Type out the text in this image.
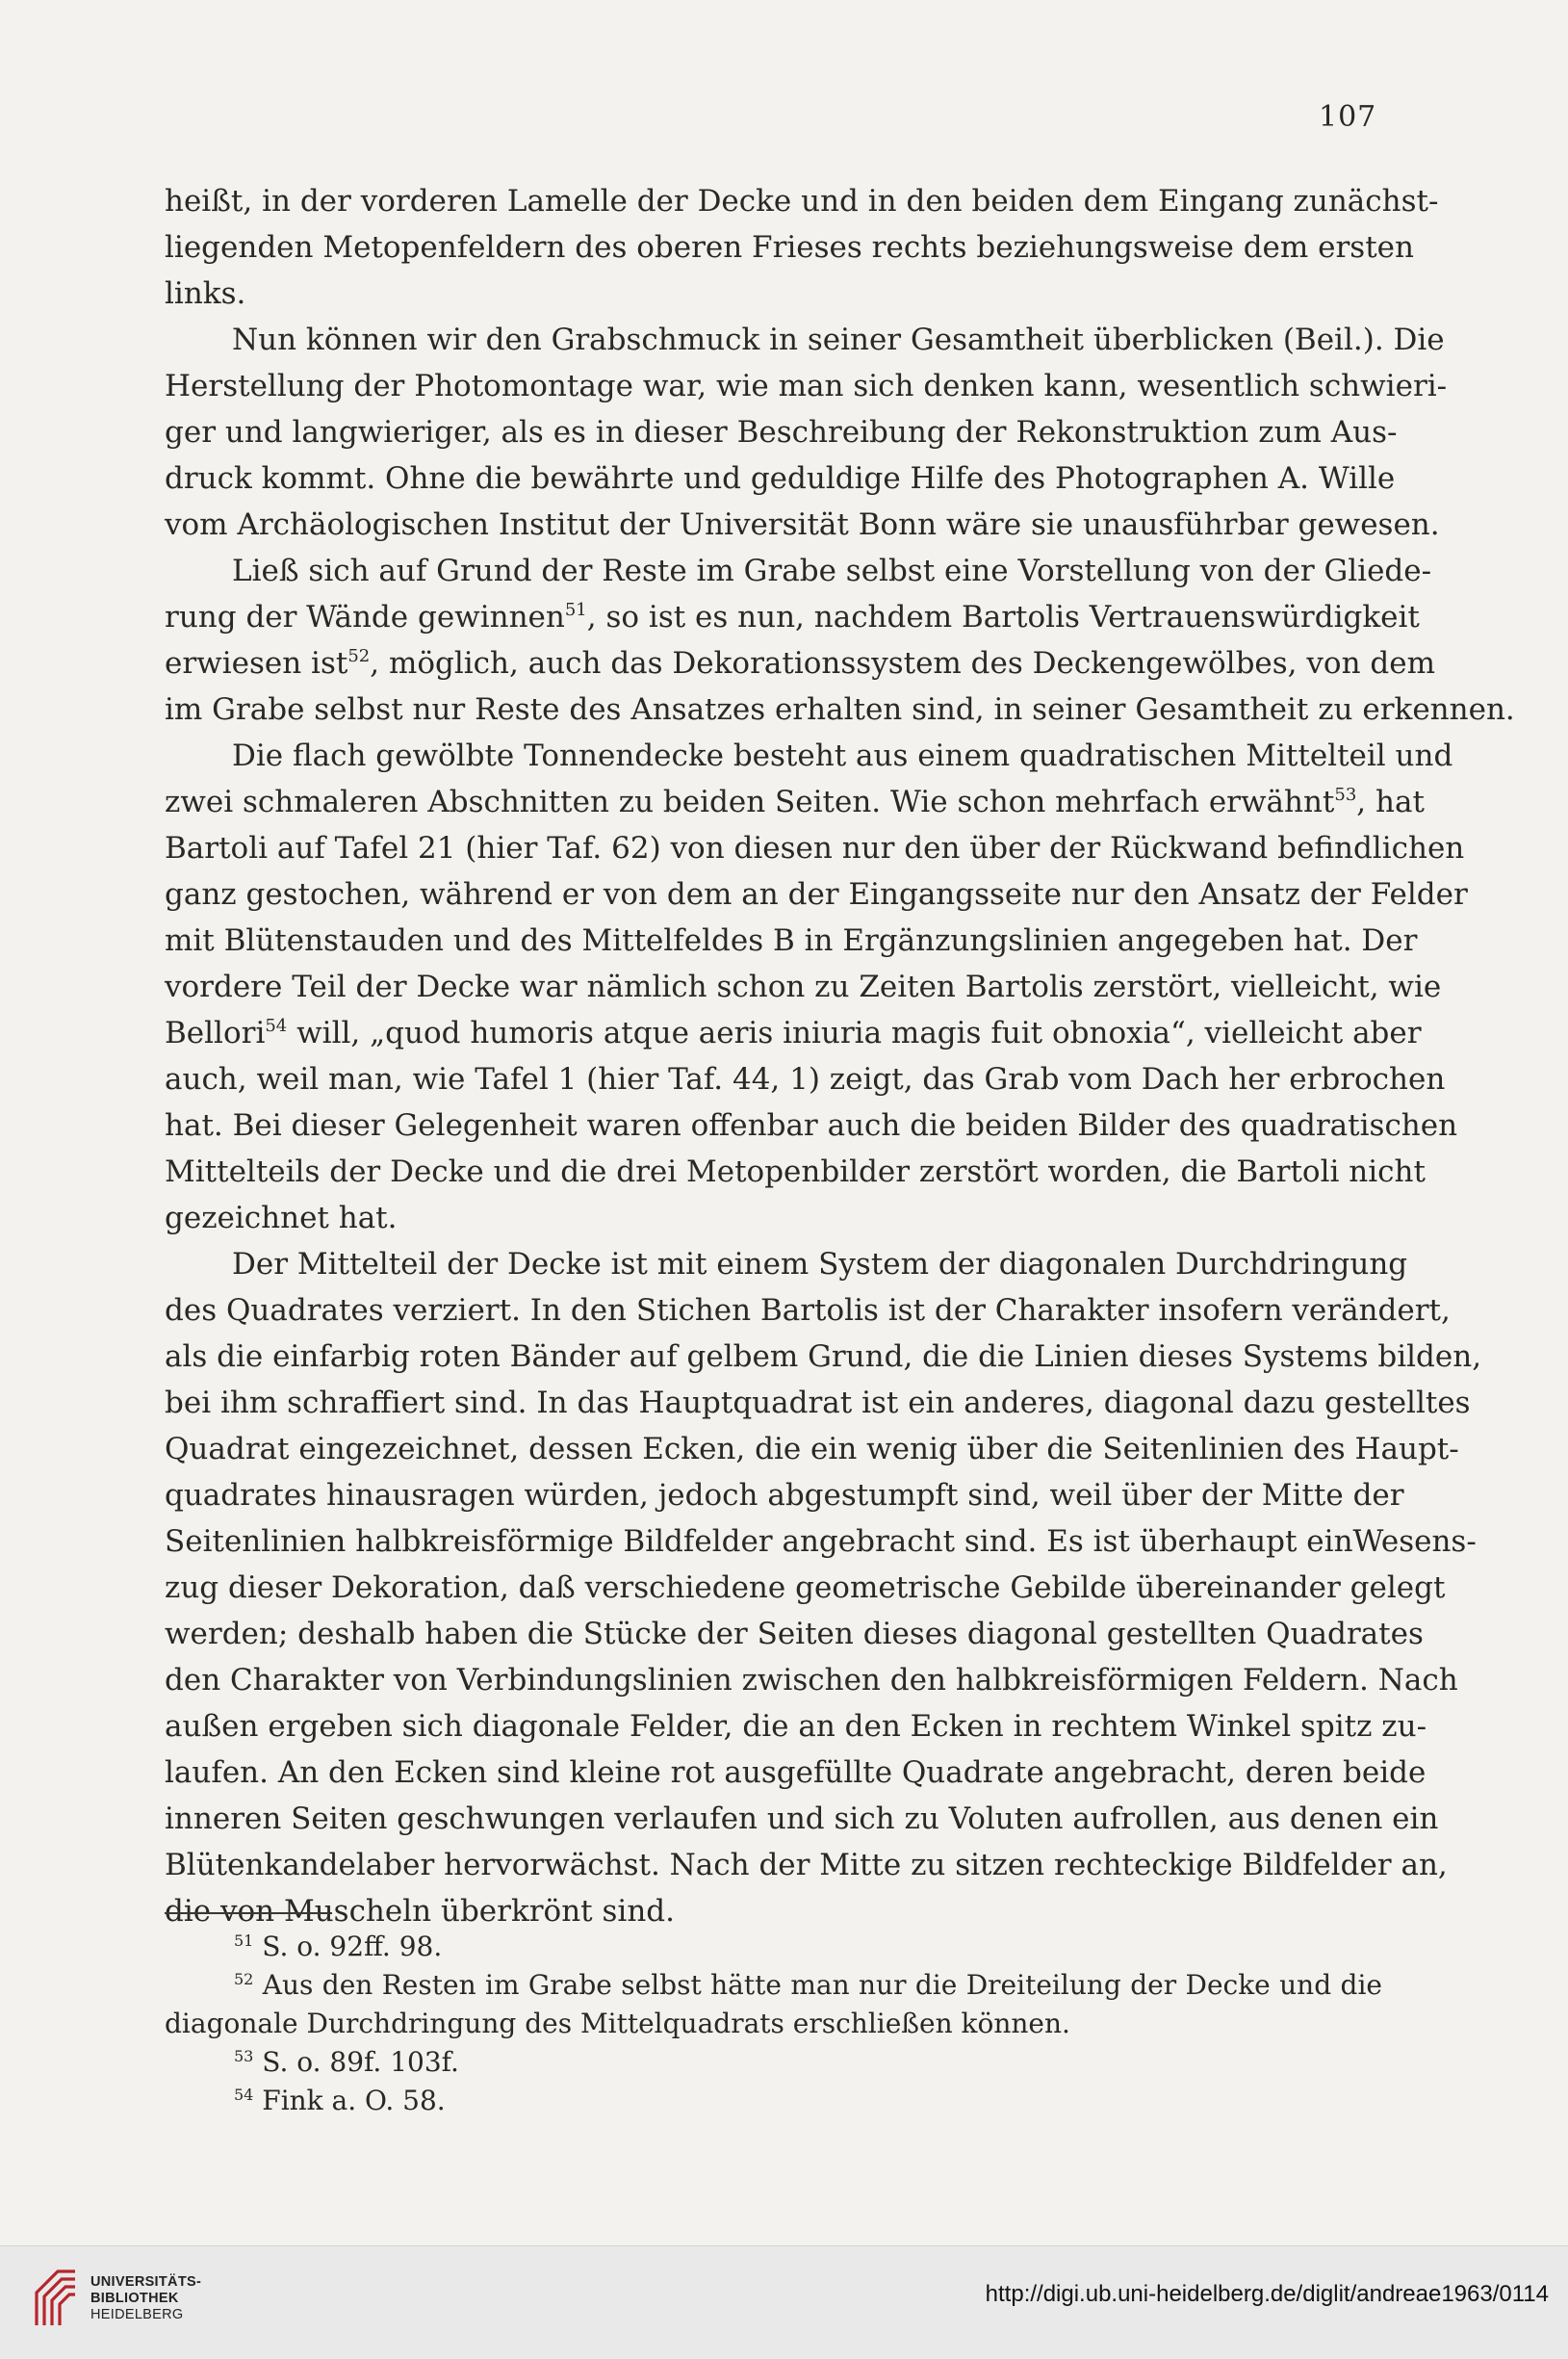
107
heißt, in der vorderen Lamelle der Decke und in den beiden dem Eingang zunächst-
liegenden Metopenfeldern des oberen Frieses rechts beziehungsweise dem ersten
links.
Nun können wir den Grabschmuck in seiner Gesamtheit überblicken (Beil.). Die
Herstellung der Photomontage war, wie man sich denken kann, wesentlich schwieri-
ger und langwieriger, als es in dieser Beschreibung der Rekonstruktion zum Aus-
druck kommt. Ohne die bewährte und geduldige Hilfe des Photographen A. Wille
vom Archäologischen Institut der Universität Bonn wäre sie unausführbar gewesen.
Ließ sich auf Grund der Reste im Grabe selbst eine Vorstellung von der Gliede-
rung der Wände gewinnen$^{51}$, so ist es nun, nachdem Bartolis Vertrauenswürdigkeit
erwiesen ist$^{52}$, möglich, auch das Dekorationssystem des Deckengewölbes, von dem
im Grabe selbst nur Reste des Ansatzes erhalten sind, in seiner Gesamtheit zu erkennen.
Die flach gewölbte Tonnendecke besteht aus einem quadratischen Mittelteil und
zwei schmaleren Abschnitten zu beiden Seiten. Wie schon mehrfach erwähnt$^{53}$, hat
Bartoli auf Tafel 21 (hier Taf. 62) von diesen nur den über der Rückwand befindlichen
ganz gestochen, während er von dem an der Eingangsseite nur den Ansatz der Felder
mit Blütenstauden und des Mittelfeldes B in Ergänzungslinien angegeben hat. Der
vordere Teil der Decke war nämlich schon zu Zeiten Bartolis zerstört, vielleicht, wie
Bellori$^{54}$ will, „quod humoris atque aeris iniuria magis fuit obnoxia“, vielleicht aber
auch, weil man, wie Tafel 1 (hier Taf. 44, 1) zeigt, das Grab vom Dach her erbrochen
hat. Bei dieser Gelegenheit waren offenbar auch die beiden Bilder des quadratischen
Mittelteils der Decke und die drei Metopenbilder zerstört worden, die Bartoli nicht
gezeichnet hat.
Der Mittelteil der Decke ist mit einem System der diagonalen Durchdringung
des Quadrates verziert. In den Stichen Bartolis ist der Charakter insofern verändert,
als die einfarbig roten Bänder auf gelbem Grund, die die Linien dieses Systems bilden,
bei ihm schraffiert sind. In das Hauptquadrat ist ein anderes, diagonal dazu gestelltes
Quadrat eingezeichnet, dessen Ecken, die ein wenig über die Seitenlinien des Haupt-
quadrates hinausragen würden, jedoch abgestumpft sind, weil über der Mitte der
Seitenlinien halbkreisförmige Bildfelder angebracht sind. Es ist überhaupt einWesens-
zug dieser Dekoration, daß verschiedene geometrische Gebilde übereinander gelegt
werden; deshalb haben die Stücke der Seiten dieses diagonal gestellten Quadrates
den Charakter von Verbindungslinien zwischen den halbkreisförmigen Feldern. Nach
außen ergeben sich diagonale Felder, die an den Ecken in rechtem Winkel spitz zu-
laufen. An den Ecken sind kleine rot ausgefüllte Quadrate angebracht, deren beide
inneren Seiten geschwungen verlaufen und sich zu Voluten aufrollen, aus denen ein
Blütenkandelaber hervorwächst. Nach der Mitte zu sitzen rechteckige Bildfelder an,
die von Muscheln überkrönt sind.
$^{51}$ S. o. 92ff. 98.
$^{52}$ Aus den Resten im Grabe selbst hätte man nur die Dreiteilung der Decke und die
diagonale Durchdringung des Mittelquadrats erschließen können.
$^{53}$ S. o. 89f. 103f.
$^{54}$ Fink a. O. 58.
UNIVERSITÄTS-
BIBLIOTHEK
HEIDELBERG
http://digi.ub.uni-heidelberg.de/diglit/andreae1963/0114
